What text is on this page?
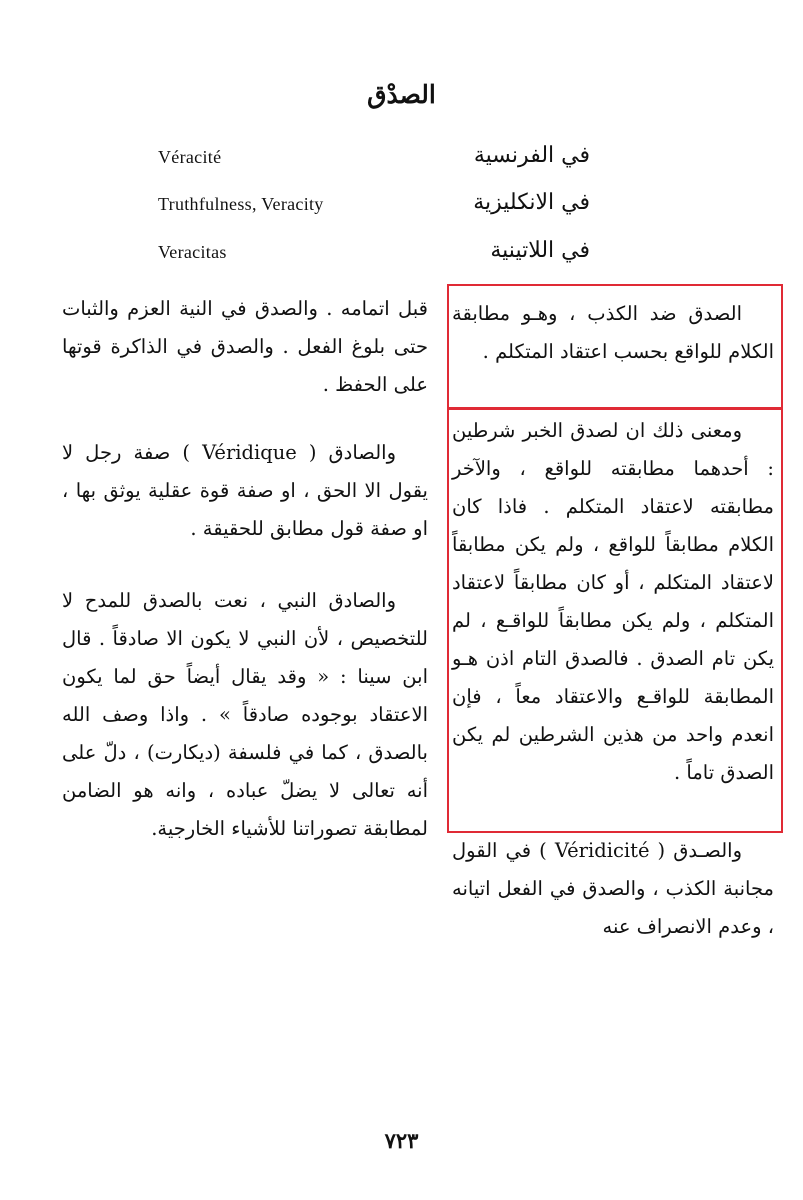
الصدْق
في الفرنسية
Véracité
في الانكليزية
Truthfulness, Veracity
في اللاتينية
Veracitas

قبل اتمامه . والصدق في النية العزم والثبات حتى بلوغ الفعل . والصدق في الذاكرة قوتها على الحفظ .

والصادق ( Véridique ) صفة رجل لا يقول الا الحق ، او صفة قوة عقلية يوثق بها ، او صفة قول مطابق للحقيقة .

والصادق النبي ، نعت بالصدق للمدح لا للتخصيص ، لأن النبي لا يكون الا صادقاً . قال ابن سينا : « وقد يقال أيضاً حق لما يكون الاعتقاد بوجوده صادقاً » . واذا وصف الله بالصدق ، كما في فلسفة (ديكارت) ، دلّ على أنه تعالى لا يضلّ عباده ، وانه هو الضامن لمطابقة تصوراتنا للأشياء الخارجية.

الصدق ضد الكذب ، وهـو مطابقة الكلام للواقع بحسب اعتقاد المتكلم .

ومعنى ذلك ان لصدق الخبر شرطين : أحدهما مطابقته للواقع ، والآخر مطابقته لاعتقاد المتكلم . فاذا كان الكلام مطابقاً للواقع ، ولم يكن مطابقاً لاعتقاد المتكلم ، أو كان مطابقاً لاعتقاد المتكلم ، ولم يكن مطابقاً للواقـع ، لم يكن تام الصدق . فالصدق التام اذن هـو المطابقة للواقـع والاعتقاد معاً ، فإن انعدم واحد من هذين الشرطين لم يكن الصدق تاماً .

والصـدق ( Véridicité ) في القول مجانبة الكذب ، والصدق في الفعل اتيانه ، وعدم الانصراف عنه

٧٢٣
